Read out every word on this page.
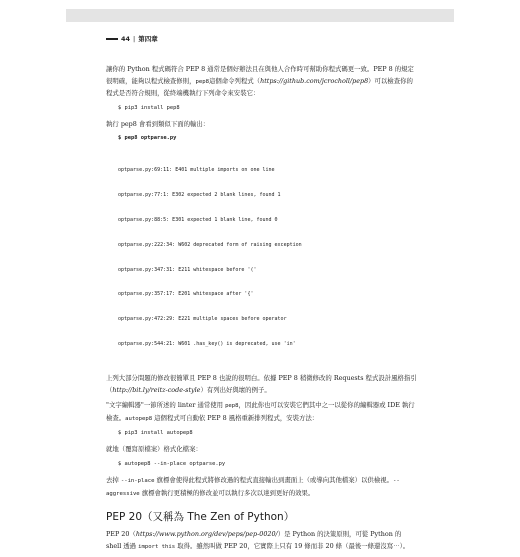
44 | 第四章

讓你的 Python 程式碼符合 PEP 8 通常是個好辦法且在與他人合作時可幫助你程式碼更一致。PEP 8 的規定很明確，能夠以程式檢查修則，pep8這個命令列程式（https://github.com/jcrocholl/pep8）可以檢查你的程式是否符合規則，從終端機執行下列命令來安裝它：

$ pip3 install pep8

執行 pep8 會看到類似下面的輸出：

$ pep8 optparse.py

optparse.py:69:11: E401 multiple imports on one line

optparse.py:77:1: E302 expected 2 blank lines, found 1

optparse.py:88:5: E301 expected 1 blank line, found 0

optparse.py:222:34: W602 deprecated form of raising exception

optparse.py:347:31: E211 whitespace before '('

optparse.py:357:17: E201 whitespace after '{'

optparse.py:472:29: E221 multiple spaces before operator

optparse.py:544:21: W601 .has_key() is deprecated, use 'in'

上列大部分問題的修改很簡單且 PEP 8 也說的很明白。依據 PEP 8 稍微修改的 Requests 程式設計風格指引（http://bit.ly/reitz-code-style）有列出好與壞的例子。

"文字編輯器"一節所述的 linter 通常使用 pep8，因此你也可以安裝它們其中之一以從你的編輯器或 IDE 執行檢查。autopep8 這個程式可自動依 PEP 8 風格重新排列程式，安裝方法：

$ pip3 install autopep8

就地（覆寫原檔案）格式化檔案：

$ autopep8 --in-place optparse.py

去掉 --in-place 旗標會使得此程式將修改過的程式直接輸出到畫面上（或導向其他檔案）以供檢視。--aggressive 旗標會執行更積極的修改並可以執行多次以達到更好的效果。

PEP 20（又稱為 The Zen of Python）

PEP 20（https://www.python.org/dev/peps/pep-0020/）是 Python 的決策原則，可從 Python 的 shell 透過 import this 取得。雖然叫做 PEP 20，它實際上只有 19 條而非 20 條（最後一條還沒寫⋯）。
